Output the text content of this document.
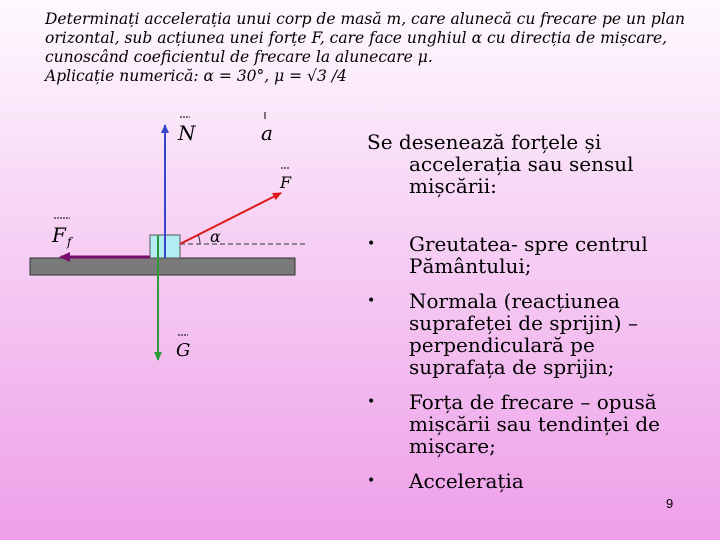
Determinați accelerația unui corp de masă m, care alunecă cu frecare pe un plan
orizontal, sub acțiunea unei forțe F, care face unghiul α cu direcția de mișcare,
cunoscând coeficientul de frecare la alunecare μ.
Aplicație numerică: α = 30°, μ = √3 /4
N	a
F
F f	α
G
Se desenează forțele și
accelerația sau sensul
mișcării:
• Greutatea- spre centrul
Pământului;
• Normala (reacțiunea
suprafeței de sprijin) –
perpendiculară pe
suprafața de sprijin;
• Forța de frecare – opusă
mișcării sau tendinței de
mișcare;
• Accelerația
9
